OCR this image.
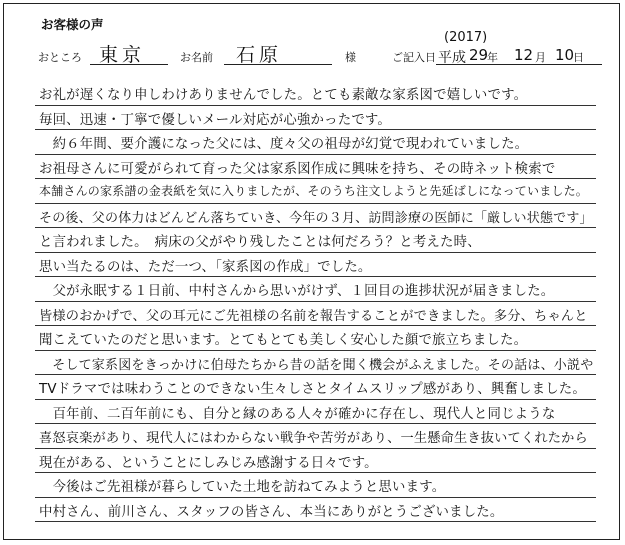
お客様の声
おところ 東京	お名前 石原	様	ご記入日
(2017)
平成 29
年 12 月 10
日
お礼が遅くなり申しわけありませんでした。とても素敵な家系図で嬉しいです。
毎回、迅速・丁寧で優しいメール対応が心強かったです。
　約６年間、要介護になった父には、度々父の祖母が幻覚で現われていました。
お祖母さんに可愛がられて育った父は家系図作成に興味を持ち、その時ネット検索で
本舗さんの家系譜の金表紙を気に入りましたが、そのうち注文しようと先延ばしになっていました。
その後、父の体力はどんどん落ちていき、今年の３月、訪問診療の医師に「厳しい状態です」
と言われました。　病床の父がやり残したことは何だろう？と考えた時、
思い当たるのは、ただ一つ、「家系図の作成」でした。
　父が永眠する１日前、中村さんから思いがけず、１回目の進捗状況が届きました。
皆様のおかげで、父の耳元にご先祖様の名前を報告することができました。多分、ちゃんと
聞こえていたのだと思います。とてもとても美しく安心した顔で旅立ちました。
　そして家系図をきっかけに伯母たちから昔の話を聞く機会がふえました。その話は、小説や
TVドラマでは味わうことのできない生々しさとタイムスリップ感があり、興奮しました。
　百年前、二百年前にも、自分と縁のある人々が確かに存在し、現代人と同じような
喜怒哀楽があり、現代人にはわからない戦争や苦労があり、一生懸命生き抜いてくれたから
現在がある、ということにしみじみ感謝する日々です。
　今後はご先祖様が暮らしていた土地を訪ねてみようと思います。
中村さん、前川さん、スタッフの皆さん、本当にありがとうございました。
